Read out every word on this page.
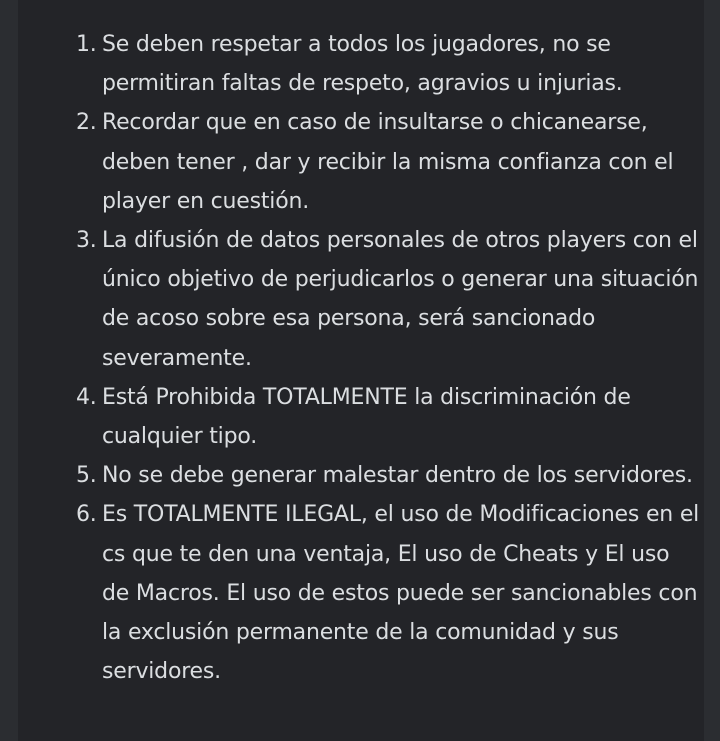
1. Se deben respetar a todos los jugadores, no se permitiran faltas de respeto, agravios u injurias.
2. Recordar que en caso de insultarse o chicanearse, deben tener , dar y recibir la misma confianza con el player en cuestión.
3. La difusión de datos personales de otros players con el único objetivo de perjudicarlos o generar una situación de acoso sobre esa persona, será sancionado severamente.
4. Está Prohibida TOTALMENTE la discriminación de cualquier tipo.
5. No se debe generar malestar dentro de los servidores.
6. Es TOTALMENTE ILEGAL, el uso de Modificaciones en el cs que te den una ventaja, El uso de Cheats y El uso de Macros. El uso de estos puede ser sancionables con la exclusión permanente de la comunidad y sus servidores.
